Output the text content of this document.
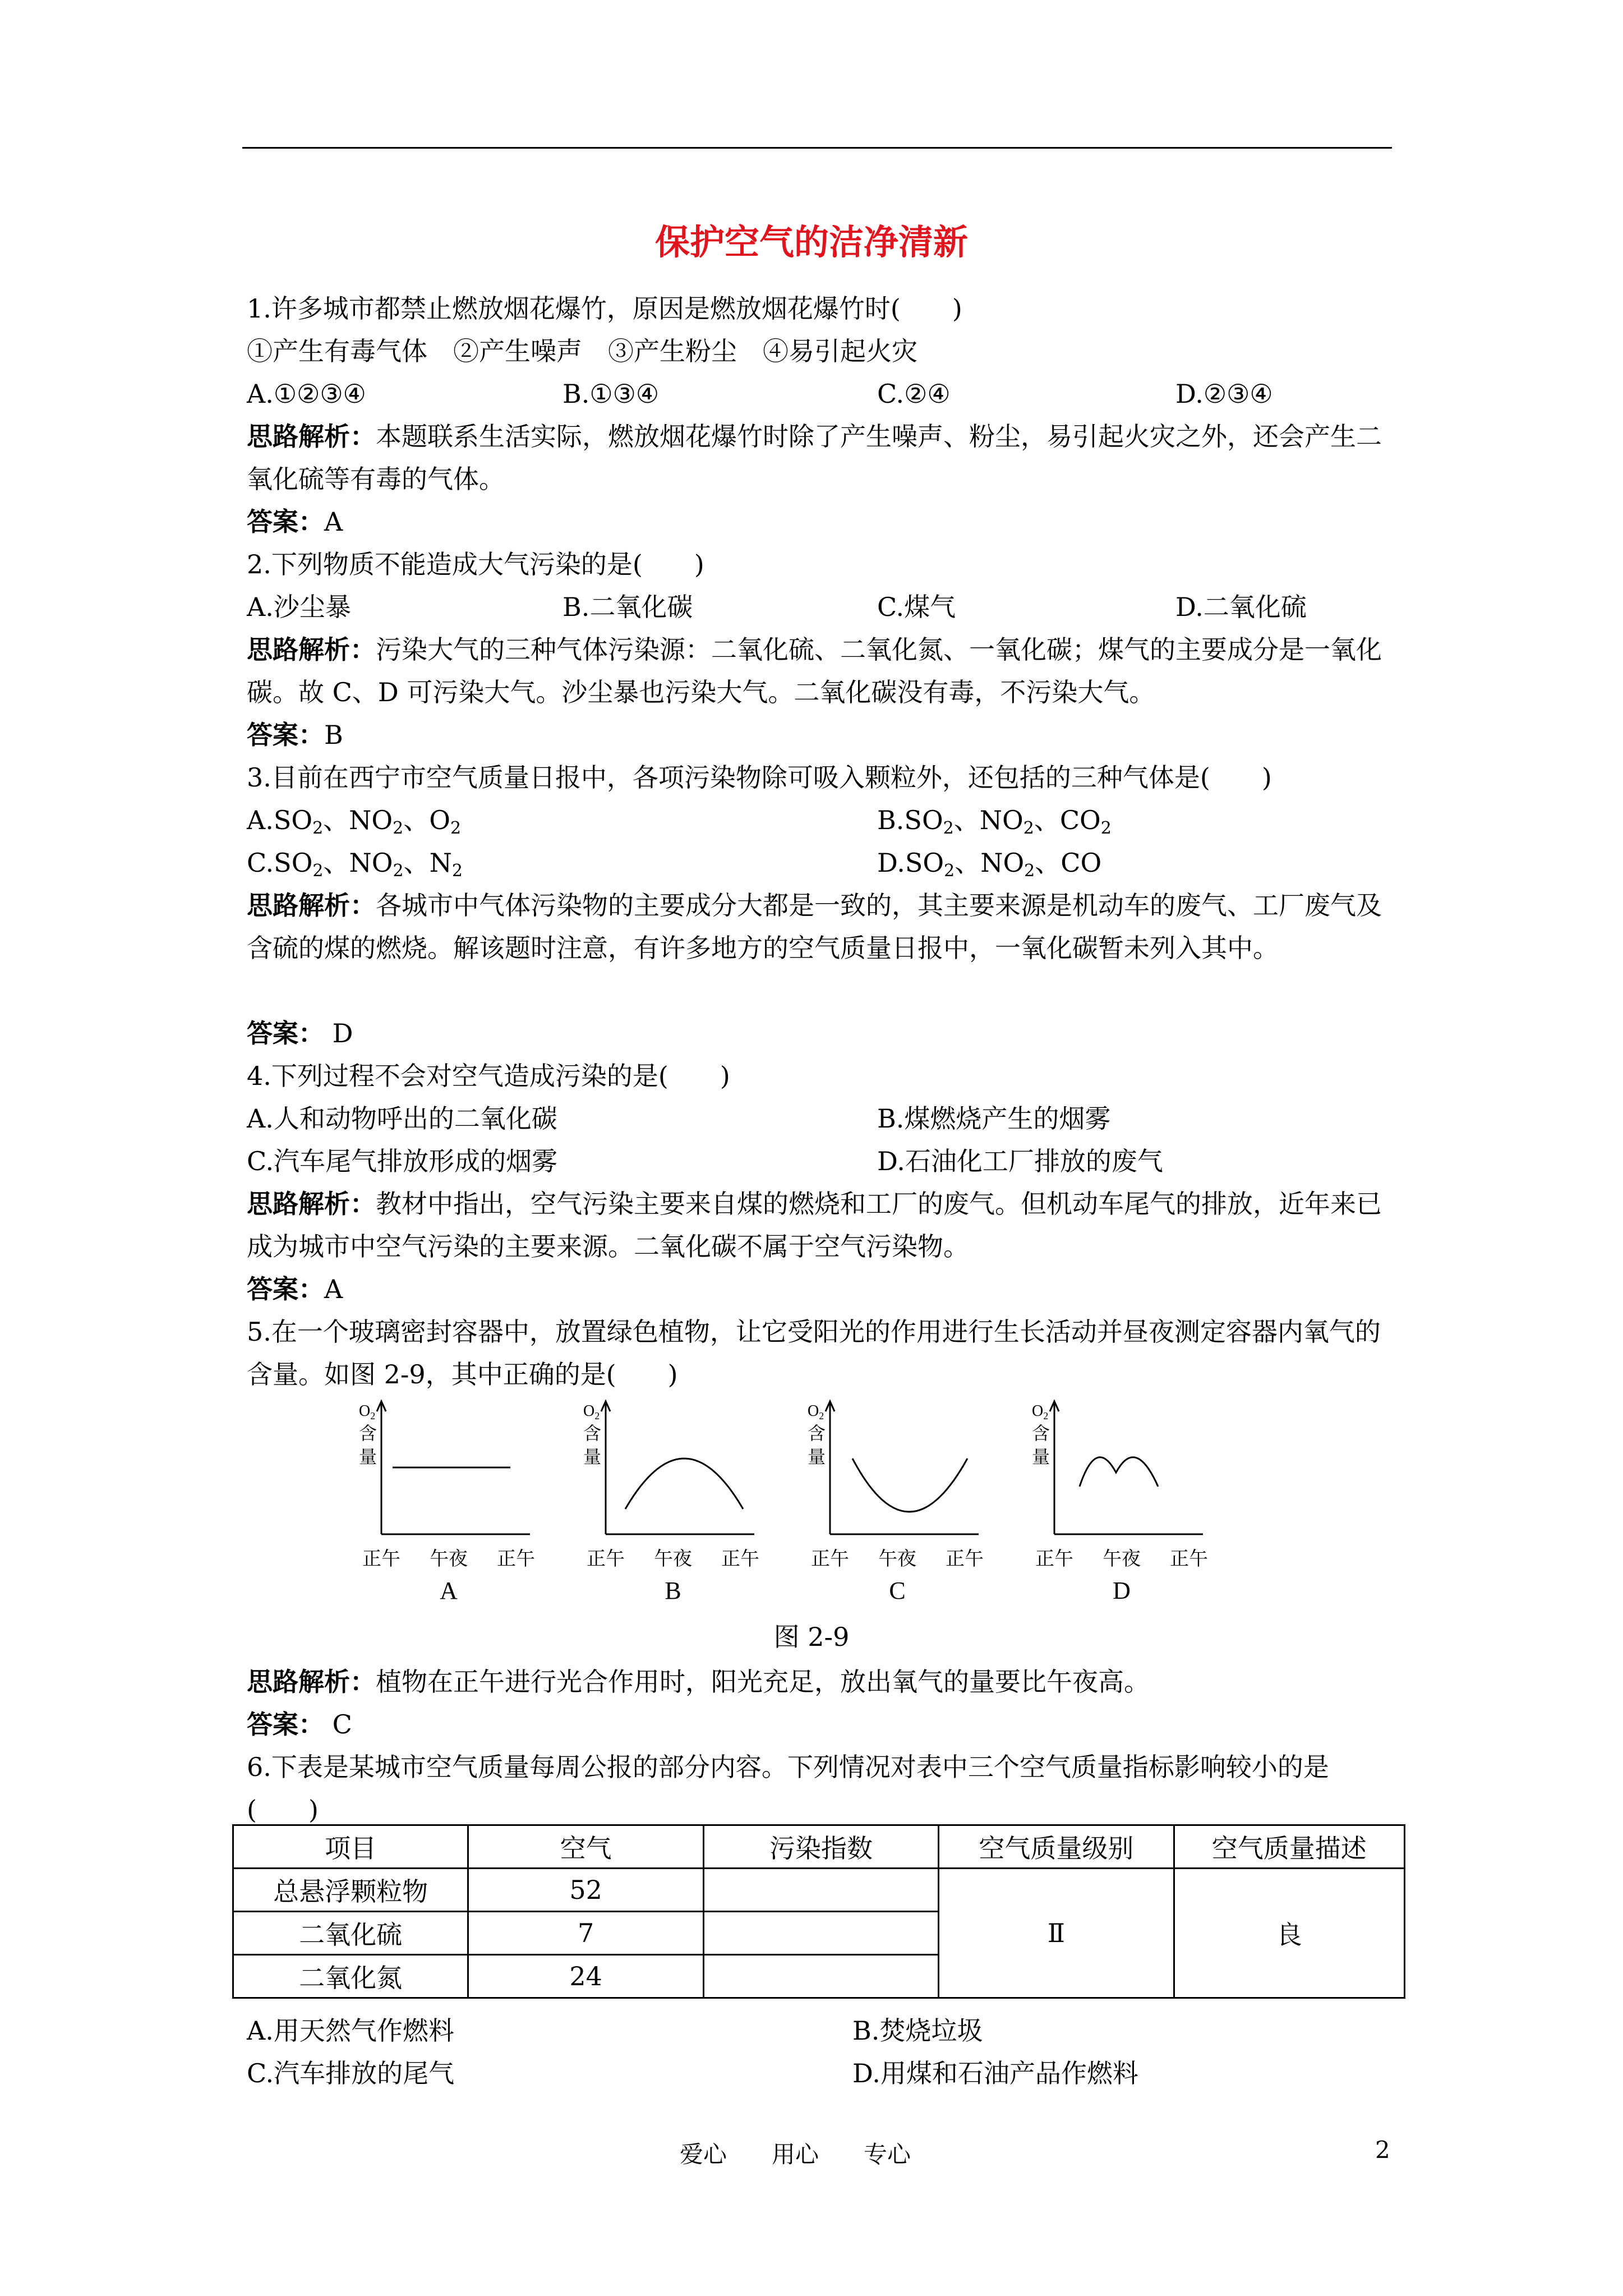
保护空气的洁净清新
1.许多城市都禁止燃放烟花爆竹，原因是燃放烟花爆竹时(　　)
①产生有毒气体　②产生噪声　③产生粉尘　④易引起火灾
A.①②③④	B.①③④	C.②④	D.②③④
思路解析：本题联系生活实际，燃放烟花爆竹时除了产生噪声、粉尘，易引起火灾之外，还会产生二氧化硫等有毒的气体。
答案：A
2.下列物质不能造成大气污染的是(　　)
A.沙尘暴	B.二氧化碳	C.煤气	D.二氧化硫
思路解析：污染大气的三种气体污染源：二氧化硫、二氧化氮、一氧化碳；煤气的主要成分是一氧化碳。故 C、D 可污染大气。沙尘暴也污染大气。二氧化碳没有毒，不污染大气。
答案：B
3.目前在西宁市空气质量日报中，各项污染物除可吸入颗粒外，还包括的三种气体是(　　)
$A.SO_2$、$NO_2$、$O_2$	$B.SO_2$、$NO_2$、$CO_2$
$C.SO_2$、$NO_2$、$N_2$	$D.SO_2$、$NO_2$、CO
思路解析：各城市中气体污染物的主要成分大都是一致的，其主要来源是机动车的废气、工厂废气及含硫的煤的燃烧。解该题时注意，有许多地方的空气质量日报中，一氧化碳暂未列入其中。
答案： D
4.下列过程不会对空气造成污染的是(　　)
A.人和动物呼出的二氧化碳	B.煤燃烧产生的烟雾
C.汽车尾气排放形成的烟雾	D.石油化工厂排放的废气
思路解析：教材中指出，空气污染主要来自煤的燃烧和工厂的废气。但机动车尾气的排放，近年来已成为城市中空气污染的主要来源。二氧化碳不属于空气污染物。
答案：A
5.在一个玻璃密封容器中，放置绿色植物，让它受阳光的作用进行生长活动并昼夜测定容器内氧气的含量。如图 2-9，其中正确的是(　　)
$O_2$
含
量
正午 午夜 正午
A
$O_2$
含
量
正午 午夜 正午
B
$O_2$
含
量
正午 午夜 正午
C
$O_2$
含
量
正午 午夜 正午
D
图 2-9
思路解析：植物在正午进行光合作用时，阳光充足，放出氧气的量要比午夜高。
答案： C
6.下表是某城市空气质量每周公报的部分内容。下列情况对表中三个空气质量指标影响较小的是(　　)
项目	空气	污染指数	空气质量级别	空气质量描述
总悬浮颗粒物	52		Ⅱ	良
二氧化硫	7			
二氧化氮	24			
A.用天然气作燃料	B.焚烧垃圾
C.汽车排放的尾气	D.用煤和石油产品作燃料
爱心 用心 专心	2
